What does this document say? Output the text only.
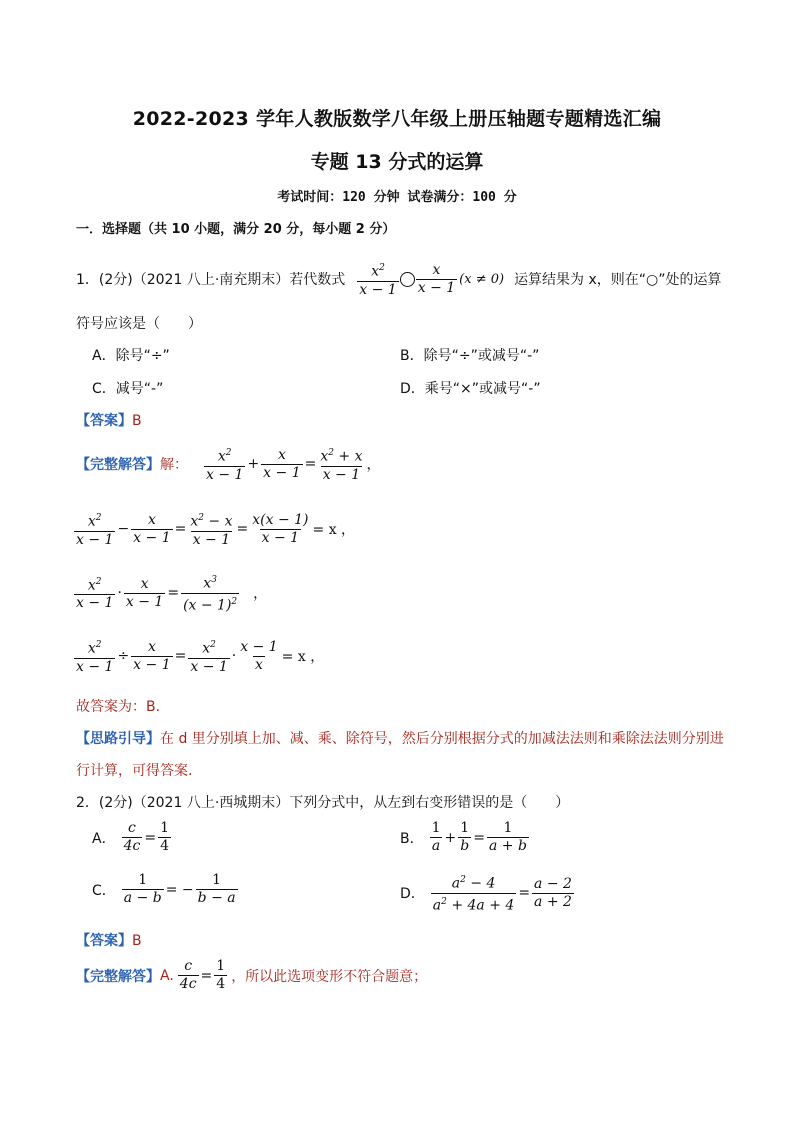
2022-2023 学年人教版数学八年级上册压轴题专题精选汇编
专题 13 分式的运算
考试时间：120 分钟 试卷满分：100 分
一．选择题（共 10 小题，满分 20 分，每小题 2 分）
1．(2分)（2021 八上·南充期末）若代数式 $\frac{x^2}{x - 1} \frac{x}{x - 1} (x \ne 0)$ 运算结果为 x，则在“○”处的运算
符号应该是（　　）
A．除号“÷”	B．除号“÷”或减号“-”
C．减号“-”	D．乘号“×”或减号“-”
【答案】B
【完整解答】 解： $\frac{x^2}{x - 1} + \frac{x}{x - 1} = \frac{x^2 + x}{x - 1}$ ，
$\frac{x^2}{x - 1} - \frac{x}{x - 1} = \frac{x^2 - x}{x - 1} = \frac{x(x - 1)}{x - 1} = x$ ，
$\frac{x^2}{x - 1} \cdot \frac{x}{x - 1} = \frac{x^3}{(x - 1)^2}$ ，
$\frac{x^2}{x - 1} \div \frac{x}{x - 1} = \frac{x^2}{x - 1} \cdot \frac{x - 1}{x} = x$ ，
故答案为：B.
【思路引导】在 d 里分别填上加、减、乘、除符号，然后分别根据分式的加减法法则和乘除法法则分别进
行计算，可得答案.
2．(2分)（2021 八上·西城期末）下列分式中，从左到右变形错误的是（　　）
A． $\frac{c}{4c} = \frac{1}{4}$	B． $\frac{1}{a} + \frac{1}{b} = \frac{1}{a + b}$
C． $\frac{1}{a - b}$ = − $\frac{1}{b - a}$	D． $\frac{a^2 - 4}{a^2 + 4a + 4} = \frac{a - 2}{a + 2}$
【答案】B
【完整解答】 A. $\frac{c}{4c} = \frac{1}{4}$ ，所以此选项变形不符合题意；
